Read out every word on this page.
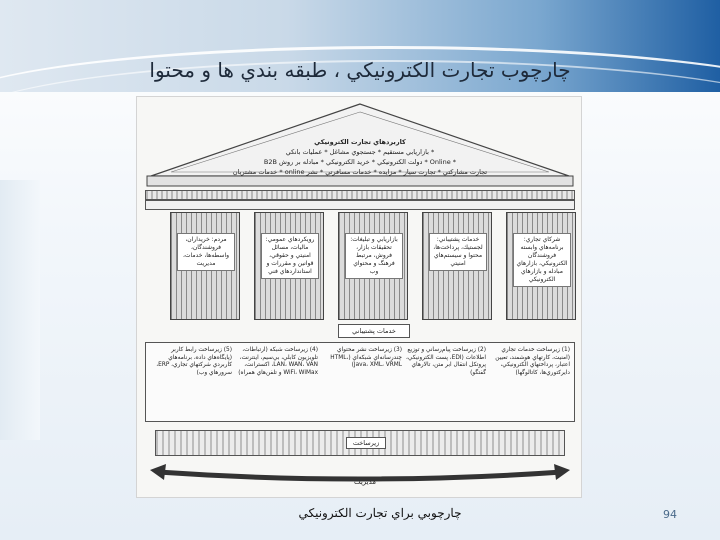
چارچوب تجارت الكترونيكي ، طبقه بندي ها و محتوا
كاربردهاي تجارت الكترونيكي
* بازاريابي مستقيم * جستجوي مشاغل * عمليات بانكي
* Online * دولت الكترونيكي * خريد الكترونيكي * مبادله بر روش B2B
تجارت مشاركتي * تجارت سيار * مزايده * خدمات مسافرتي * نشر online * خدمات مشتريان
مردم: خريداران، فروشندگان، واسطه‌ها، خدمات، مديريت
رويكردهاي عمومي: ماليات، مسائل امنيتي و حقوقي، قوانين و مقررات و استانداردهاي فني
بازاريابي و تبليغات: تحقيقات بازار، فروش، مرتبط فرهنگ و محتواي وب
خدمات پشتيباني: لجستيك، پرداخت‌ها، محتوا و سيستم‌هاي امنيتي
شركاي تجاري: برنامه‌هاي وابسته فروشندگان الكترونيكي، بازارهاي مبادله و بازارهاي الكترونيكي
خدمات پشتيباني
(1) زيرساخت خدمات تجاري (امنيت، كارتهاي هوشمند، تعيين اعتبار، پرداختهاي الكترونيكي، دايركتوري‌ها، كاتالوگها)
(2) زيرساخت پيام‌رساني و توزيع اطلاعات (EDI، پست الكترونيكي، پروتكل انتقال ابر متن، تالارهاي گفتگو)
(3) زيرساخت نشر محتواي چندرسانه‌اي شبكه‌اي (HTML، Java، XML، VRML)
(4) زيرساخت شبكه (ارتباطات، تلويزيون كابلي، بي‌سيم، اينترنت، LAN، WAN، VAN، اكسترانت، WiFi، WiMax و تلفن‌هاي همراه)
(5) زيرساخت رابط كاربر (پايگاه‌هاي داده، برنامه‌هاي كاربردي شركتهاي تجاري، ERP، سرورهاي وب)
زيرساخت
مديريت
چارچوبي براي تجارت الكترونيكي	94
